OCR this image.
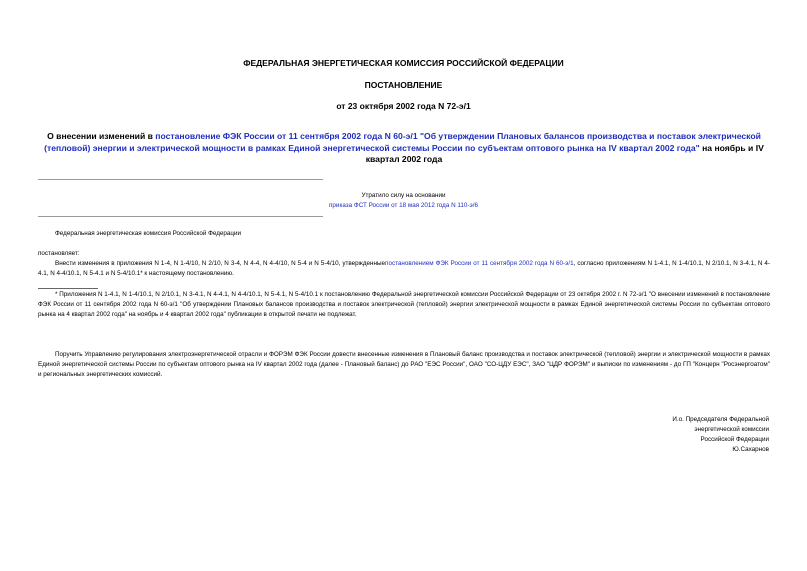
ФЕДЕРАЛЬНАЯ ЭНЕРГЕТИЧЕСКАЯ КОМИССИЯ РОССИЙСКОЙ ФЕДЕРАЦИИ
ПОСТАНОВЛЕНИЕ
от 23 октября 2002 года N 72-э/1
О внесении изменений в постановление ФЭК России от 11 сентября 2002 года N 60-э/1 "Об утверждении Плановых балансов производства и поставок электрической (тепловой) энергии и электрической мощности в рамках Единой энергетической системы России по субъектам оптового рынка на IV квартал 2002 года" на ноябрь и IV квартал 2002 года
Утратило силу на основании
приказа ФСТ России от 18 мая 2012 года N 110-э/6
Федеральная энергетическая комиссия Российской Федерации
постановляет:
Внести изменения в приложения N 1-4, N 1-4/10, N 2/10, N 3-4, N 4-4, N 4-4/10, N 5-4 и N 5-4/10, утвержденныепостановлением ФЭК России от 11 сентября 2002 года N 60-э/1, согласно приложениям N 1-4.1, N 1-4/10.1, N 2/10.1, N 3-4.1, N 4-4.1, N 4-4/10.1, N 5-4.1 и N 5-4/10.1* к настоящему постановлению.
* Приложения N 1-4.1, N 1-4/10.1, N 2/10.1, N 3-4.1, N 4-4.1, N 4-4/10.1, N 5-4.1, N 5-4/10.1 к постановлению Федеральной энергетической комиссии Российской Федерации от 23 октября 2002 г. N 72-э/1 "О внесении изменений в постановление ФЭК России от 11 сентября 2002 года N 60-э/1 "Об утверждении Плановых балансов производства и поставок электрической (тепловой) энергии электрической мощности в рамках Единой энергетической системы России по субъектам оптового рынка на 4 квартал 2002 года" на ноябрь и 4 квартал 2002 года" публикации в открытой печати не подлежат.
Поручить Управлению регулирования электроэнергетической отрасли и ФОРЭМ ФЭК России довести внесенные изменения в Плановый баланс производства и поставок электрической (тепловой) энергии и электрической мощности в рамках Единой энергетической системы России по субъектам оптового рынка на IV квартал 2002 года (далее - Плановый баланс) до РАО "ЕЭС России", ОАО "СО-ЦДУ ЕЭС", ЗАО "ЦДР ФОРЭМ" и выписки по изменениям - до ГП "Концерн "Росэнергоатом" и региональных энергетических комиссий.
И.о. Председателя Федеральной
энергетической комиссии
Российской Федерации
Ю.Сахарнов
